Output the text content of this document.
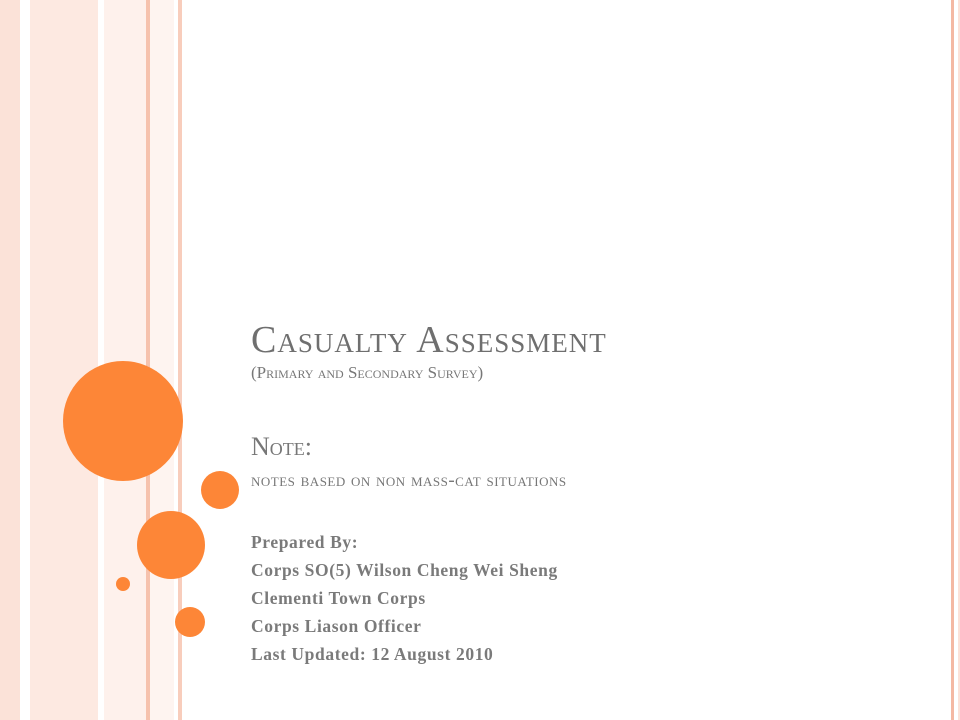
Casualty Assessment
(Primary and Secondary Survey)
Note:
notes based on non mass-cat situations
Prepared By:
Corps SO(5) Wilson Cheng Wei Sheng
Clementi Town Corps
Corps Liason Officer
Last Updated: 12 August 2010
